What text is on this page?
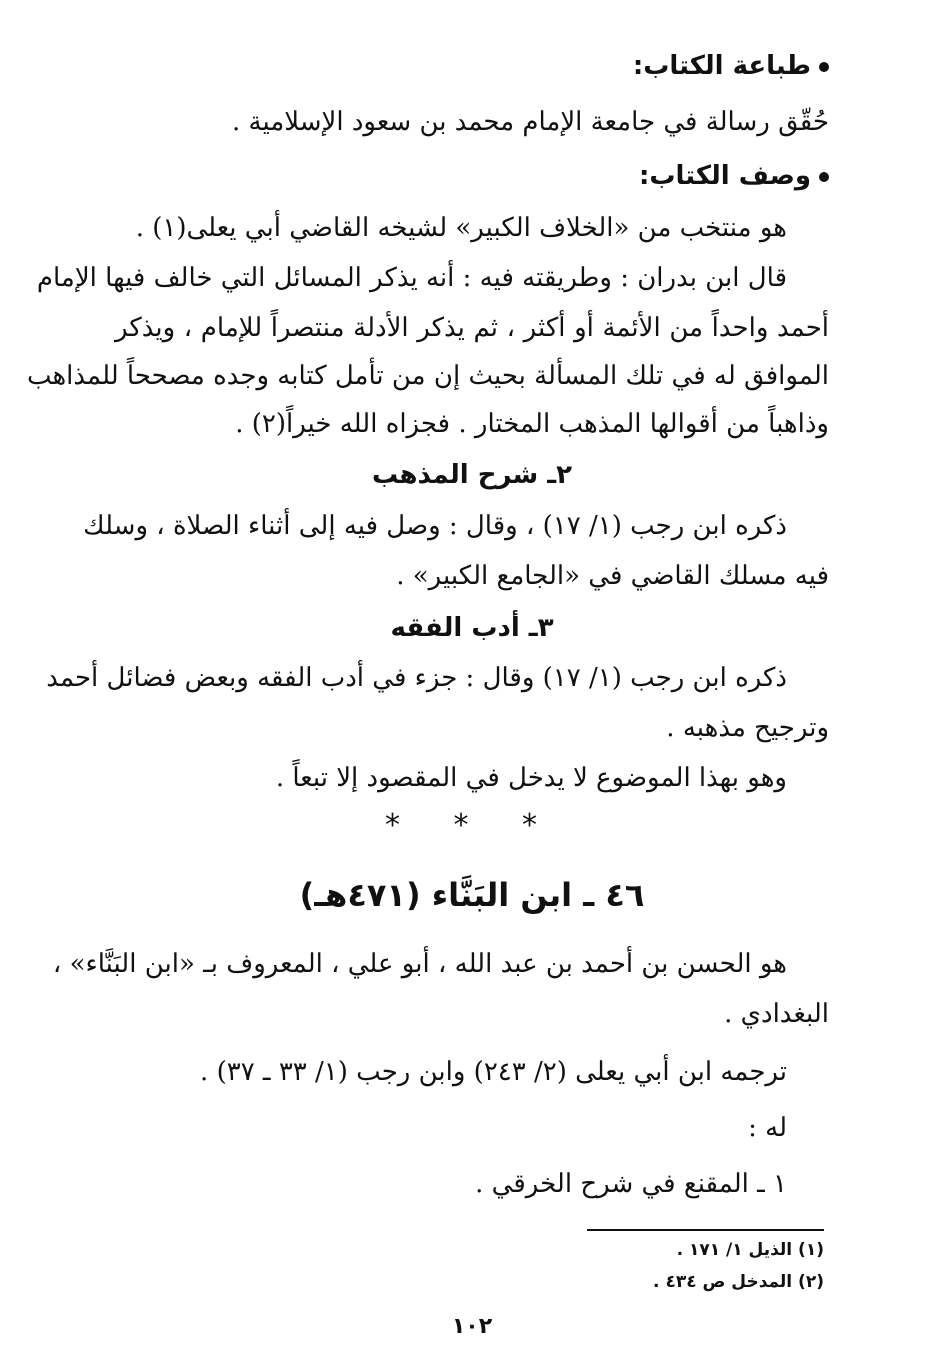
طباعة الكتاب:
حُقّق رسالة في جامعة الإمام محمد بن سعود الإسلامية .
وصف الكتاب:
هو منتخب من «الخلاف الكبير» لشيخه القاضي أبي يعلى(١) .
قال ابن بدران : وطريقته فيه : أنه يذكر المسائل التي خالف فيها الإمام
أحمد واحداً من الأئمة أو أكثر ، ثم يذكر الأدلة منتصراً للإمام ، ويذكر
الموافق له في تلك المسألة بحيث إن من تأمل كتابه وجده مصححاً للمذاهب
وذاهباً من أقوالها المذهب المختار . فجزاه الله خيراً(٢) .
٢ـ شرح المذهب
ذكره ابن رجب (١/ ١٧) ، وقال : وصل فيه إلى أثناء الصلاة ، وسلك
فيه مسلك القاضي في «الجامع الكبير» .
٣ـ أدب الفقه
ذكره ابن رجب (١/ ١٧) وقال : جزء في أدب الفقه وبعض فضائل أحمد
وترجيح مذهبه .
وهو بهذا الموضوع لا يدخل في المقصود إلا تبعاً .
* * *
٤٦ ـ ابن البَنَّاء (٤٧١هـ)
هو الحسن بن أحمد بن عبد الله ، أبو علي ، المعروف بـ «ابن البَنَّاء» ،
البغدادي .
ترجمه ابن أبي يعلى (٢/ ٢٤٣) وابن رجب (١/ ٣٣ ـ ٣٧) .
له :
١ ـ المقنع في شرح الخرقي .
(١) الذيل ١/ ١٧١ .
(٢) المدخل ص ٤٣٤ .
١٠٢
